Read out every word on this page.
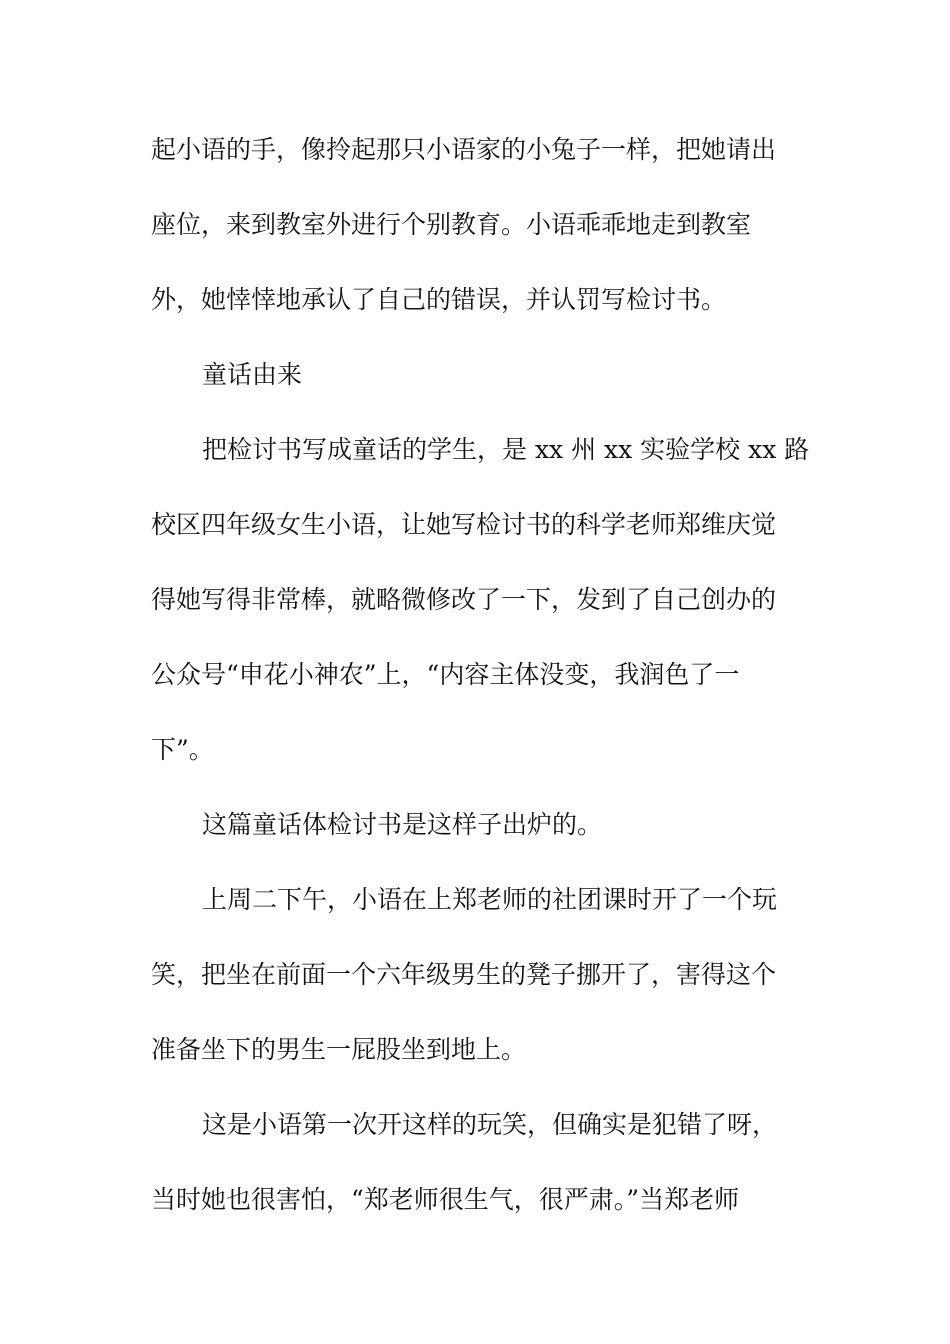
起小语的手，像拎起那只小语家的小兔子一样，把她请出
座位，来到教室外进行个别教育。小语乖乖地走到教室
外，她悻悻地承认了自己的错误，并认罚写检讨书。
童话由来
把检讨书写成童话的学生，是 xx 州 xx 实验学校 xx 路
校区四年级女生小语，让她写检讨书的科学老师郑维庆觉
得她写得非常棒，就略微修改了一下，发到了自己创办的
公众号“申花小神农”上，“内容主体没变，我润色了一
下”。
这篇童话体检讨书是这样子出炉的。
上周二下午，小语在上郑老师的社团课时开了一个玩
笑，把坐在前面一个六年级男生的凳子挪开了，害得这个
准备坐下的男生一屁股坐到地上。
这是小语第一次开这样的玩笑，但确实是犯错了呀，
当时她也很害怕，“郑老师很生气，很严肃。”当郑老师
